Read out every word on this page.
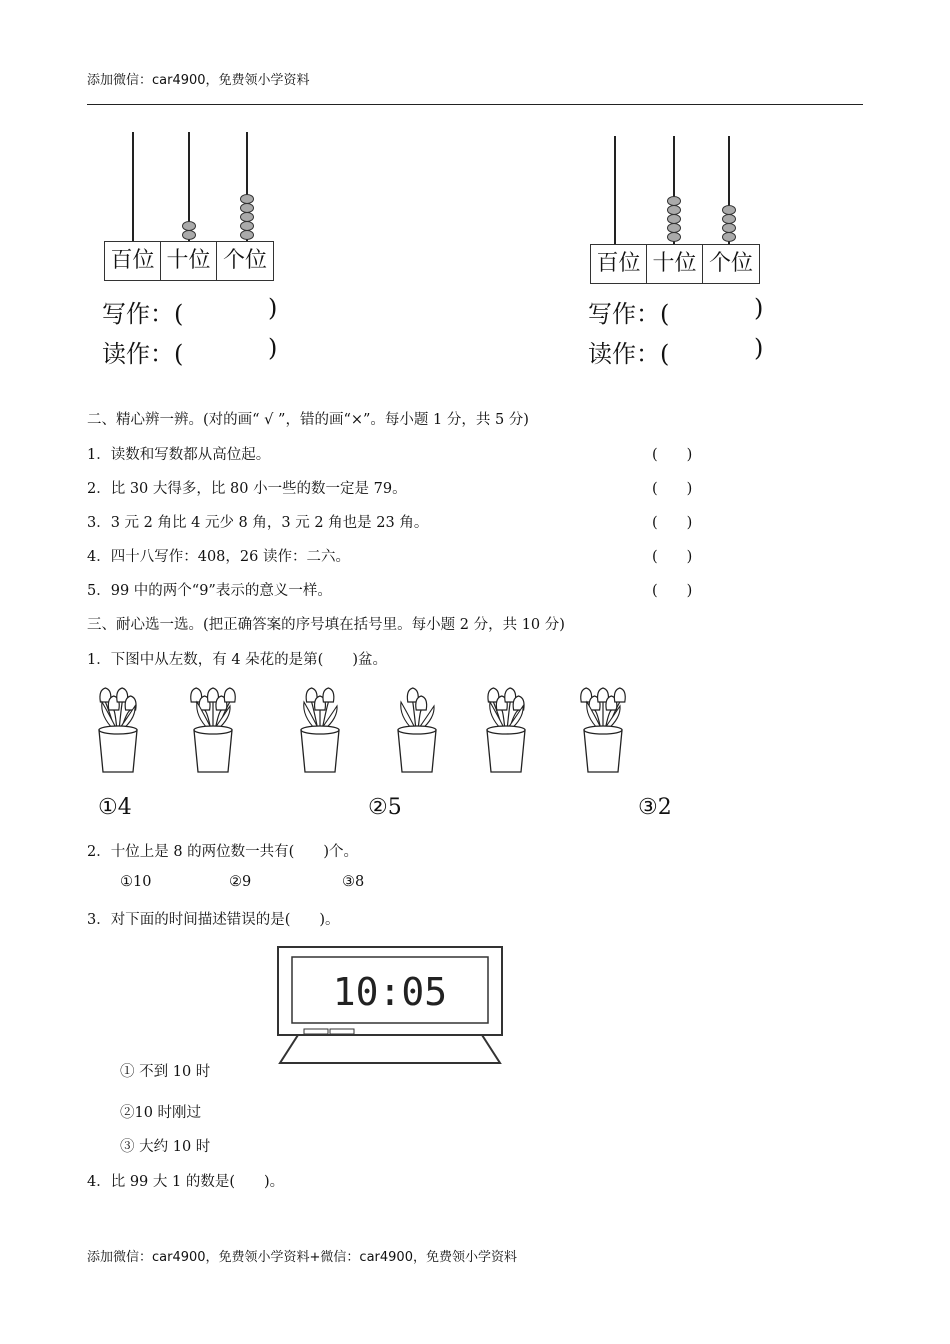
添加微信：car4900，免费领小学资料
百位 十位 个位
写作：(	)
读作：(	)
百位 十位 个位
写作：(	)
读作：(	)
二、精心辨一辨。(对的画“ √ ”，错的画“×”。每小题 1 分，共 5 分)
1．读数和写数都从高位起。	(　　)
2．比 30 大得多，比 80 小一些的数一定是 79。	(　　)
3．3 元 2 角比 4 元少 8 角，3 元 2 角也是 23 角。	(　　)
4．四十八写作：408，26 读作：二六。	(　　)
5．99 中的两个“9”表示的意义一样。	(　　)
三、耐心选一选。(把正确答案的序号填在括号里。每小题 2 分，共 10 分)
1．下图中从左数，有 4 朵花的是第(　　)盆。
①4	②5	③2
2．十位上是 8 的两位数一共有(　　)个。
①10	②9	③8
3．对下面的时间描述错误的是(　　)。
10:05
① 不到 10 时
②10 时刚过
③ 大约 10 时
4．比 99 大 1 的数是(　　)。
添加微信：car4900，免费领小学资料+微信：car4900，免费领小学资料
